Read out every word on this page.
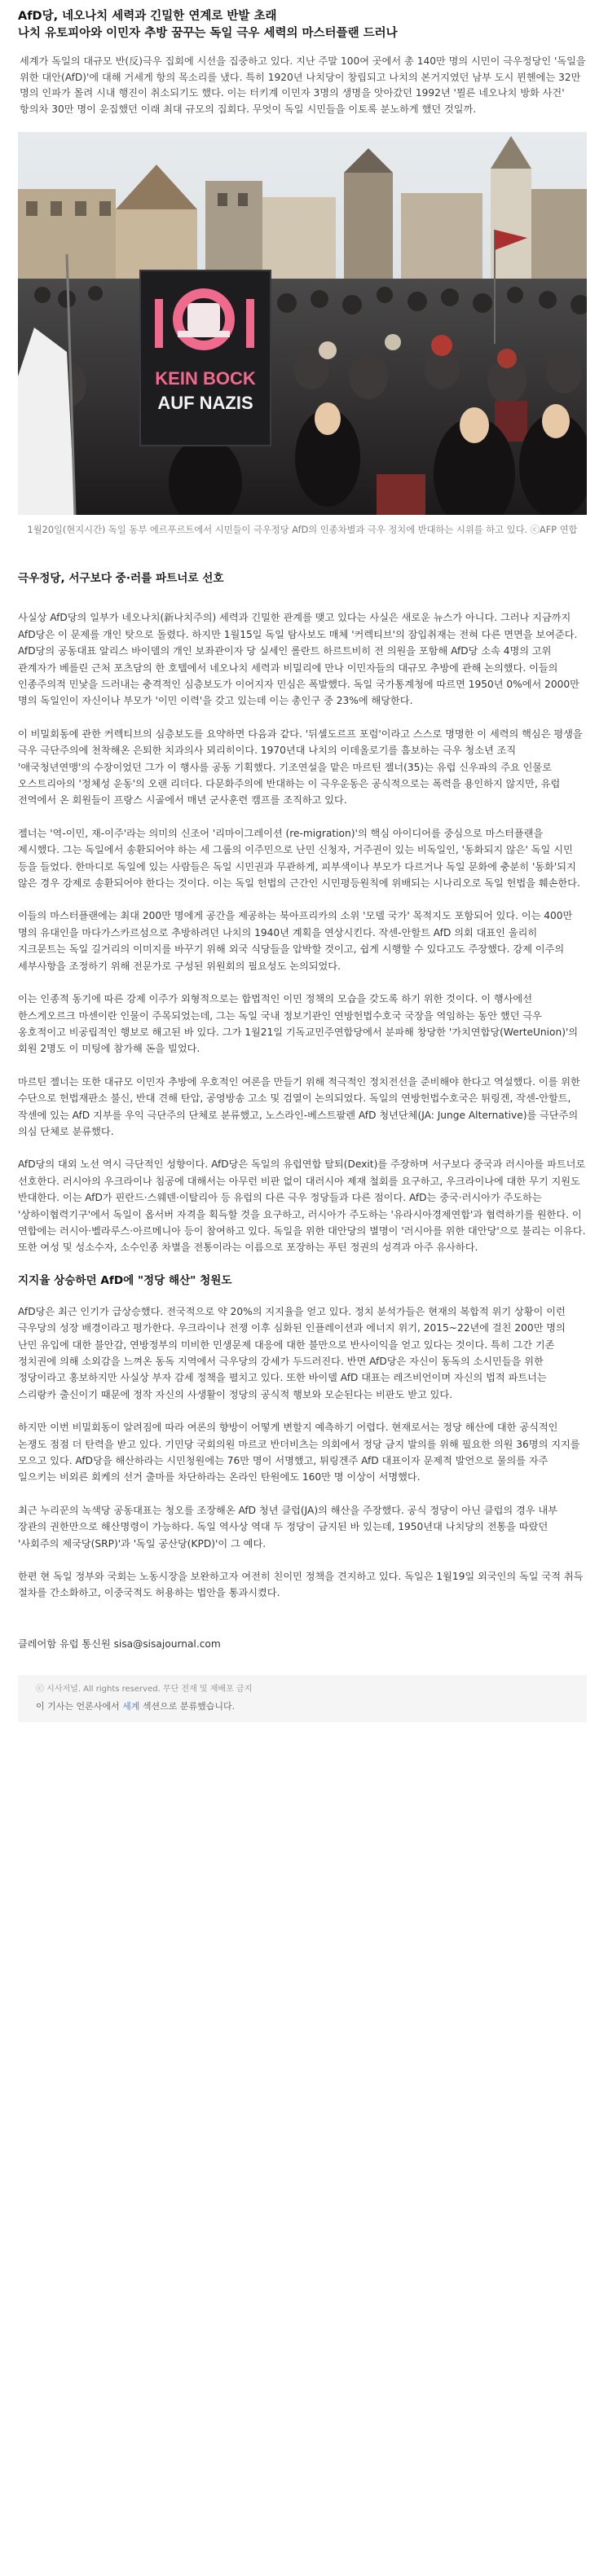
AfD당, 네오나치 세력과 긴밀한 연계로 반발 초래
나치 유토피아와 이민자 추방 꿈꾸는 독일 극우 세력의 마스터플랜 드러나

세계가 독일의 대규모 반(反)극우 집회에 시선을 집중하고 있다. 지난 주말 100여 곳에서 총 140만 명의 시민이 극우정당인 '독일을 위한 대안(AfD)'에 대해 거세게 항의 목소리를 냈다. 특히 1920년 나치당이 창립되고 나치의 본거지였던 남부 도시 뮌헨에는 32만 명의 인파가 몰려 시내 행진이 취소되기도 했다. 이는 터키계 이민자 3명의 생명을 앗아갔던 1992년 '묄른 네오나치 방화 사건' 항의차 30만 명이 운집했던 이래 최대 규모의 집회다. 무엇이 독일 시민들을 이토록 분노하게 했던 것일까.

KEIN BOCK
AUF NAZIS
1월20일(현지시간) 독일 동부 에르푸르트에서 시민들이 극우정당 AfD의 인종차별과 극우 정치에 반대하는 시위를 하고 있다. ⓒAFP 연합
극우정당, 서구보다 중·러를 파트너로 선호

사실상 AfD당의 일부가 네오나치(新나치주의) 세력과 긴밀한 관계를 맺고 있다는 사실은 새로운 뉴스가 아니다. 그러나 지금까지 AfD당은 이 문제를 개인 탓으로 돌렸다. 하지만 1월15일 독일 탐사보도 매체 '커렉티브'의 잠입취재는 전혀 다른 면면을 보여준다. AfD당의 공동대표 알리스 바이델의 개인 보좌관이자 당 실세인 롤란트 하르트비히 전 의원을 포함해 AfD당 소속 4명의 고위 관계자가 베를린 근처 포츠담의 한 호텔에서 네오나치 세력과 비밀리에 만나 이민자들의 대규모 추방에 관해 논의했다. 이들의 인종주의적 민낯을 드러내는 충격적인 심층보도가 이어지자 민심은 폭발했다. 독일 국가통계청에 따르면 1950년 0%에서 2000만 명의 독일인이 자신이나 부모가 '이민 이력'을 갖고 있는데 이는 총인구 중 23%에 해당한다.

이 비밀회동에 관한 커렉티브의 심층보도를 요약하면 다음과 같다. '뒤셀도르프 포럼'이라고 스스로 명명한 이 세력의 핵심은 평생을 극우 극단주의에 천착해온 은퇴한 치과의사 뫼리히이다. 1970년대 나치의 이데올로기를 흠보하는 극우 청소년 조직 '애국청년연맹'의 수장이었던 그가 이 행사를 공동 기획했다. 기조연설을 맡은 마르틴 젤너(35)는 유럽 신우파의 주요 인물로 오스트리아의 '정체성 운동'의 오랜 리더다. 다문화주의에 반대하는 이 극우운동은 공식적으로는 폭력을 용인하지 않지만, 유럽 전역에서 온 회원들이 프랑스 시골에서 매년 군사훈련 캠프를 조직하고 있다.

젤너는 '역-이민, 재-이주'라는 의미의 신조어 '리마이그레이션 (re-migration)'의 핵심 아이디어를 중심으로 마스터플랜을 제시했다. 그는 독일에서 송환되어야 하는 세 그룹의 이주민으로 난민 신청자, 거주권이 있는 비독일인, '동화되지 않은' 독일 시민 등을 들었다. 한마디로 독일에 있는 사람들은 독일 시민권과 무관하게, 피부색이나 부모가 다르거나 독일 문화에 충분히 '동화'되지 않은 경우 강제로 송환되어야 한다는 것이다. 이는 독일 헌법의 근간인 시민평등원칙에 위배되는 시나리오로 독일 헌법을 훼손한다.

이들의 마스터플랜에는 최대 200만 명에게 공간을 제공하는 북아프리카의 소위 '모델 국가' 목적지도 포함되어 있다. 이는 400만 명의 유대인을 마다가스카르섬으로 추방하려던 나치의 1940년 계획을 연상시킨다. 작센-안할트 AfD 의회 대표인 울리히 지크문트는 독일 길거리의 이미지를 바꾸기 위해 외국 식당들을 압박할 것이고, 쉽게 시행할 수 있다고도 주장했다. 강제 이주의 세부사항을 조정하기 위해 전문가로 구성된 위원회의 필요성도 논의되었다.

이는 인종적 동기에 따른 강제 이주가 외형적으로는 합법적인 이민 정책의 모습을 갖도록 하기 위한 것이다. 이 행사에선 한스게오르크 마센이란 인물이 주목되었는데, 그는 독일 국내 정보기관인 연방헌법수호국 국장을 역임하는 동안 했던 극우 옹호적이고 비공립적인 행보로 해고된 바 있다. 그가 1월21일 기독교민주연합당에서 분파해 창당한 '가치연합당(WerteUnion)'의 회원 2명도 이 미팅에 참가해 돈을 빌었다.

마르틴 젤너는 또한 대규모 이민자 추방에 우호적인 여론을 만들기 위해 적극적인 정치전선을 준비해야 한다고 역설했다. 이를 위한 수단으로 헌법재판소 불신, 반대 견해 탄압, 공영방송 고소 및 검열이 논의되었다. 독일의 연방헌법수호국은 튀링겐, 작센-안할트, 작센에 있는 AfD 지부를 우익 극단주의 단체로 분류했고, 노스라인-베스트팔렌 AfD 청년단체(JA: Junge Alternative)를 극단주의 의심 단체로 분류했다.

AfD당의 대외 노선 역시 극단적인 성향이다. AfD당은 독일의 유럽연합 탈퇴(Dexit)를 주장하며 서구보다 중국과 러시아를 파트너로 선호한다. 러시아의 우크라이나 침공에 대해서는 아무런 비판 없이 대러시아 제재 철회를 요구하고, 우크라이나에 대한 무기 지원도 반대한다. 이는 AfD가 핀란드·스웨덴·이탈리아 등 유럽의 다른 극우 정당들과 다른 점이다. AfD는 중국·러시아가 주도하는 '상하이협력기구'에서 독일이 옵서버 자격을 획득할 것을 요구하고, 러시아가 주도하는 '유라시아경제연합'과 협력하기를 원한다. 이 연합에는 러시아·벨라루스·아르메니아 등이 참여하고 있다. 독일을 위한 대안당의 별명이 '러시아를 위한 대안당'으로 불리는 이유다. 또한 여성 및 성소수자, 소수인종 차별을 전통이라는 이름으로 포장하는 푸틴 정권의 성격과 아주 유사하다.

지지율 상승하던 AfD에 "정당 해산" 청원도

AfD당은 최근 인기가 급상승했다. 전국적으로 약 20%의 지지율을 얻고 있다. 정치 분석가들은 현재의 복합적 위기 상황이 이런 극우당의 성장 배경이라고 평가한다. 우크라이나 전쟁 이후 심화된 인플레이션과 에너지 위기, 2015~22년에 걸친 200만 명의 난민 유입에 대한 불안감, 연방정부의 미비한 민생문제 대응에 대한 불만으로 반사이익을 얻고 있다는 것이다. 특히 그간 기존 정치권에 의해 소외감을 느껴온 동독 지역에서 극우당의 강세가 두드러진다. 반면 AfD당은 자신이 동독의 소시민들을 위한 정당이라고 홍보하지만 사실상 부자 감세 정책을 펼치고 있다. 또한 바이델 AfD 대표는 레즈비언이며 자신의 법적 파트너는 스리랑카 출신이기 때문에 정작 자신의 사생활이 정당의 공식적 행보와 모순된다는 비판도 받고 있다.

하지만 이번 비밀회동이 알려짐에 따라 여론의 향방이 어떻게 변할지 예측하기 어렵다. 현재로서는 정당 해산에 대한 공식적인 논쟁도 점점 더 탄력을 받고 있다. 기민당 국회의원 마르코 반더비츠는 의회에서 정당 금지 발의를 위해 필요한 의원 36명의 지지를 모으고 있다. AfD당을 해산하라는 시민청원에는 76만 명이 서명했고, 튀링겐주 AfD 대표이자 문제적 발언으로 물의를 자주 일으키는 비외른 회케의 선거 출마를 차단하라는 온라인 탄원에도 160만 명 이상이 서명했다.

최근 누리꾼의 녹색당 공동대표는 청오를 조장해온 AfD 청년 클럽(JA)의 해산을 주장했다. 공식 정당이 아닌 클럽의 경우 내부 장관의 권한만으로 해산명령이 가능하다. 독일 역사상 역대 두 정당이 금지된 바 있는데, 1950년대 나치당의 전통을 따랐던 '사회주의 제국당(SRP)'과 '독일 공산당(KPD)'이 그 예다.

한편 현 독일 정부와 국회는 노동시장을 보완하고자 여전히 친이민 정책을 견지하고 있다. 독일은 1월19일 외국인의 독일 국적 취득 절차를 간소화하고, 이중국적도 허용하는 법안을 통과시켰다.

클레어함 유럽 통신원 sisa@sisajournal.com
ⓒ 시사저널. All rights reserved. 무단 전재 및 재배포 금지
이 기사는 언론사에서 세계 섹션으로 분류했습니다.
